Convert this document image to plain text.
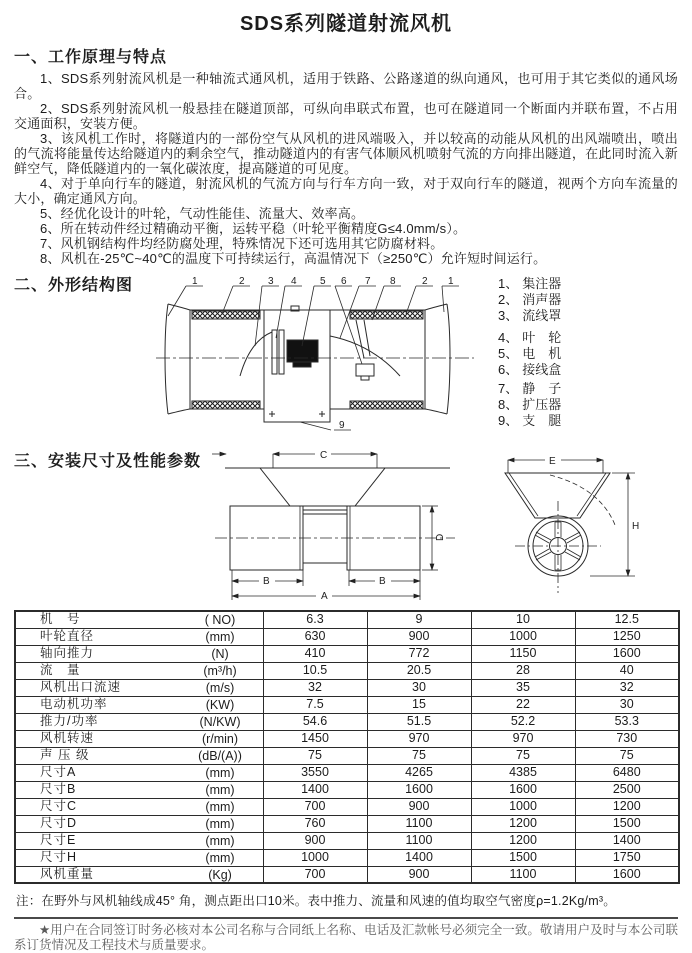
SDS系列隧道射流风机
一、工作原理与特点

1、SDS系列射流风机是一种轴流式通风机，适用于铁路、公路遂道的纵向通风，也可用于其它类似的通风场合。

2、SDS系列射流风机一般悬挂在隧道顶部，可纵向串联式布置，也可在隧道同一个断面内并联布置，不占用交通面积，安装方便。

3、该风机工作时，将隧道内的一部份空气从风机的进风端吸入，并以较高的动能从风机的出风端喷出，喷出的气流将能量传达给隧道内的剩余空气，推动隧道内的有害气体顺风机喷射气流的方向排出隧道，在此同时流入新鲜空气，降低隧道内的一氧化碳浓度，提高隧道的可见度。

4、对于单向行车的隧道，射流风机的气流方向与行车方向一致，对于双向行车的隧道，视两个方向车流量的大小，确定通风方向。

5、经优化设计的叶轮，气动性能佳、流量大、效率高。

6、所在转动件经过精确动平衡，运转平稳（叶轮平衡精度G≤4.0mm/s）。

7、风机钢结构件均经防腐处理，特殊情况下还可选用其它防腐材料。

8、风机在-25℃~40℃的温度下可持续运行，高温情况下（≥250℃）允许短时间运行。

二、外形结构图	1	2 3 4 5 6 7 8	2 1
9
1、 集注器
2、 消声器
3、 流线罩
4、 叶　轮
5、 电　机
6、 接线盒
7、 静　子
8、 扩压器
9、 支　腿
三、安装尺寸及性能参数	C
D
B	B
A
E
H
机　号 ( NO)	6.3	9	10	12.5
叶轮直径 (mm)	630	900	1000	1250
轴向推力 (N)	410	772	1150	1600
流　量 (m³/h)	10.5	20.5	28	40
风机出口流速 (m/s)	32	30	35	32
电动机功率 (KW)	7.5	15	22	30
推力/功率 (N/KW)	54.6	51.5	52.2	53.3
风机转速 (r/min)	1450	970	970	730
声 压 级 (dB/(A))	75	75	75	75
尺寸A (mm)	3550	4265	4385	6480
尺寸B (mm)	1400	1600	1600	2500
尺寸C (mm)	700	900	1000	1200
尺寸D (mm)	760	1100	1200	1500
尺寸E (mm)	900	1100	1200	1400
尺寸H (mm)	1000	1400	1500	1750
风机重量 (Kg)	700	900	1100	1600
注：在野外与风机轴线成45° 角，测点距出口10米。表中推力、流量和风速的值均取空气密度ρ=1.2Kg/m³。

★用户在合同签订时务必核对本公司名称与合同纸上名称、电话及汇款帐号必须完全一致。敬请用户及时与本公司联系订货情况及工程技术与质量要求。
